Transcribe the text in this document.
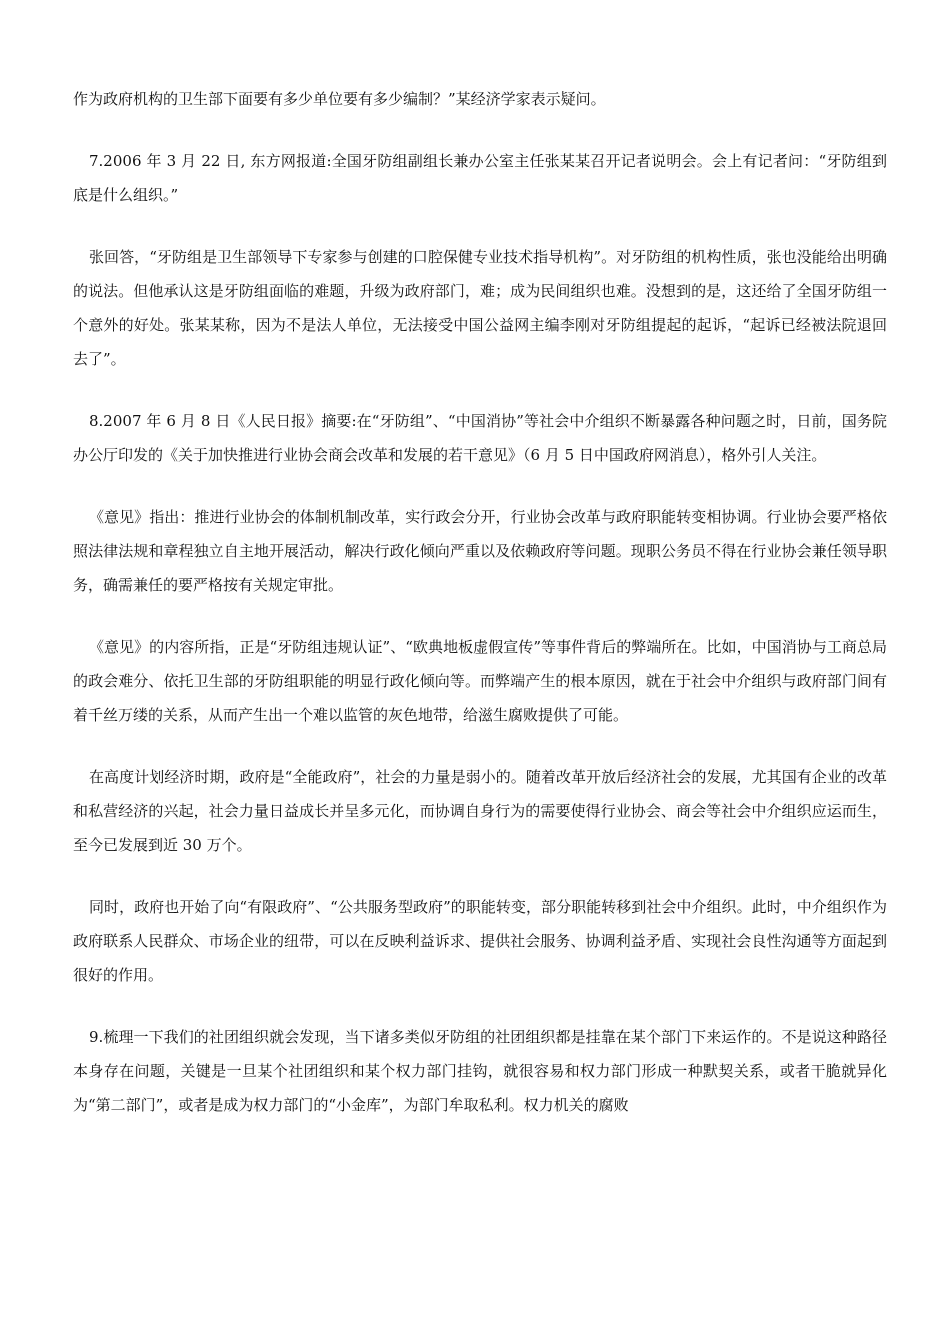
作为政府机构的卫生部下面要有多少单位要有多少编制？”某经济学家表示疑问。

7.2006 年 3 月 22 日, 东方网报道:全国牙防组副组长兼办公室主任张某某召开记者说明会。会上有记者问：“牙防组到底是什么组织。”

张回答，“牙防组是卫生部领导下专家参与创建的口腔保健专业技术指导机构”。对牙防组的机构性质，张也没能给出明确的说法。但他承认这是牙防组面临的难题，升级为政府部门，难；成为民间组织也难。没想到的是，这还给了全国牙防组一个意外的好处。张某某称，因为不是法人单位，无法接受中国公益网主编李刚对牙防组提起的起诉，“起诉已经被法院退回去了”。

8.2007 年 6 月 8 日《人民日报》摘要:在“牙防组”、“中国消协”等社会中介组织不断暴露各种问题之时，日前，国务院办公厅印发的《关于加快推进行业协会商会改革和发展的若干意见》（6 月 5 日中国政府网消息），格外引人关注。

《意见》指出：推进行业协会的体制机制改革，实行政会分开，行业协会改革与政府职能转变相协调。行业协会要严格依照法律法规和章程独立自主地开展活动，解决行政化倾向严重以及依赖政府等问题。现职公务员不得在行业协会兼任领导职务，确需兼任的要严格按有关规定审批。

《意见》的内容所指，正是“牙防组违规认证”、“欧典地板虚假宣传”等事件背后的弊端所在。比如，中国消协与工商总局的政会难分、依托卫生部的牙防组职能的明显行政化倾向等。而弊端产生的根本原因，就在于社会中介组织与政府部门间有着千丝万缕的关系，从而产生出一个难以监管的灰色地带，给滋生腐败提供了可能。

在高度计划经济时期，政府是“全能政府”，社会的力量是弱小的。随着改革开放后经济社会的发展，尤其国有企业的改革和私营经济的兴起，社会力量日益成长并呈多元化，而协调自身行为的需要使得行业协会、商会等社会中介组织应运而生，至今已发展到近 30 万个。

同时，政府也开始了向“有限政府”、“公共服务型政府”的职能转变，部分职能转移到社会中介组织。此时，中介组织作为政府联系人民群众、市场企业的纽带，可以在反映利益诉求、提供社会服务、协调利益矛盾、实现社会良性沟通等方面起到很好的作用。

9.梳理一下我们的社团组织就会发现，当下诸多类似牙防组的社团组织都是挂靠在某个部门下来运作的。不是说这种路径本身存在问题，关键是一旦某个社团组织和某个权力部门挂钩，就很容易和权力部门形成一种默契关系，或者干脆就异化为“第二部门”，或者是成为权力部门的“小金库”，为部门牟取私利。权力机关的腐败
